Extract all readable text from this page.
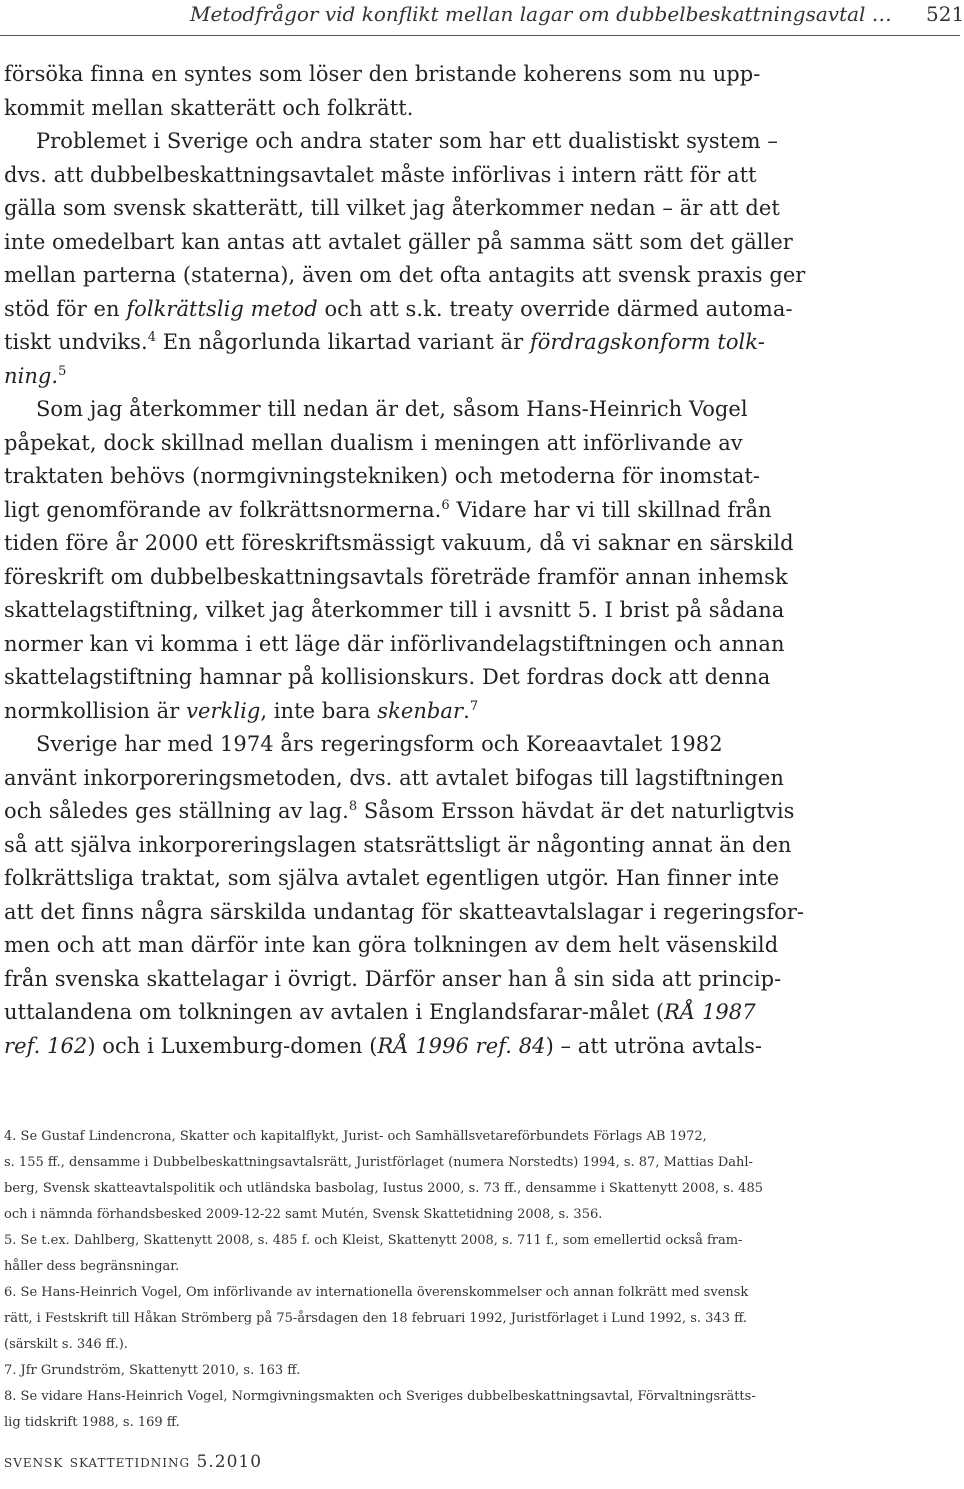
Metodfrågor vid konflikt mellan lagar om dubbelbeskattningsavtal … 521
försöka finna en syntes som löser den bristande koherens som nu upp-
kommit mellan skatterätt och folkrätt.
Problemet i Sverige och andra stater som har ett dualistiskt system –
dvs. att dubbelbeskattningsavtalet måste införlivas i intern rätt för att
gälla som svensk skatterätt, till vilket jag återkommer nedan – är att det
inte omedelbart kan antas att avtalet gäller på samma sätt som det gäller
mellan parterna (staterna), även om det ofta antagits att svensk praxis ger
stöd för en folkrättslig metod och att s.k. treaty override därmed automa-
tiskt undviks.$^4$ En någorlunda likartad variant är fördragskonform tolk-
ning.$^5$
Som jag återkommer till nedan är det, såsom Hans-Heinrich Vogel
påpekat, dock skillnad mellan dualism i meningen att införlivande av
traktaten behövs (normgivningstekniken) och metoderna för inomstat-
ligt genomförande av folkrättsnormerna.$^6$ Vidare har vi till skillnad från
tiden före år 2000 ett föreskriftsmässigt vakuum, då vi saknar en särskild
föreskrift om dubbelbeskattningsavtals företräde framför annan inhemsk
skattelagstiftning, vilket jag återkommer till i avsnitt 5. I brist på sådana
normer kan vi komma i ett läge där införlivandelagstiftningen och annan
skattelagstiftning hamnar på kollisionskurs. Det fordras dock att denna
normkollision är verklig, inte bara skenbar.$^7$
Sverige har med 1974 års regeringsform och Koreaavtalet 1982
använt inkorporeringsmetoden, dvs. att avtalet bifogas till lagstiftningen
och således ges ställning av lag.$^8$ Såsom Ersson hävdat är det naturligtvis
så att själva inkorporeringslagen statsrättsligt är någonting annat än den
folkrättsliga traktat, som själva avtalet egentligen utgör. Han finner inte
att det finns några särskilda undantag för skatteavtalslagar i regeringsfor-
men och att man därför inte kan göra tolkningen av dem helt väsenskild
från svenska skattelagar i övrigt. Därför anser han å sin sida att princip-
uttalandena om tolkningen av avtalen i Englandsfarar-målet (RÅ 1987
ref. 162) och i Luxemburg-domen (RÅ 1996 ref. 84) – att utröna avtals-
4. Se Gustaf Lindencrona, Skatter och kapitalflykt, Jurist- och Samhällsvetareförbundets Förlags AB 1972,
s. 155 ff., densamme i Dubbelbeskattningsavtalsrätt, Juristförlaget (numera Norstedts) 1994, s. 87, Mattias Dahl-
berg, Svensk skatteavtalspolitik och utländska basbolag, Iustus 2000, s. 73 ff., densamme i Skattenytt 2008, s. 485
och i nämnda förhandsbesked 2009-12-22 samt Mutén, Svensk Skattetidning 2008, s. 356.
5. Se t.ex. Dahlberg, Skattenytt 2008, s. 485 f. och Kleist, Skattenytt 2008, s. 711 f., som emellertid också fram-
håller dess begränsningar.
6. Se Hans-Heinrich Vogel, Om införlivande av internationella överenskommelser och annan folkrätt med svensk
rätt, i Festskrift till Håkan Strömberg på 75-årsdagen den 18 februari 1992, Juristförlaget i Lund 1992, s. 343 ff.
(särskilt s. 346 ff.).
7. Jfr Grundström, Skattenytt 2010, s. 163 ff.
8. Se vidare Hans-Heinrich Vogel, Normgivningsmakten och Sveriges dubbelbeskattningsavtal, Förvaltningsrätts-
lig tidskrift 1988, s. 169 ff.
svensk skattetidning 5.2010
